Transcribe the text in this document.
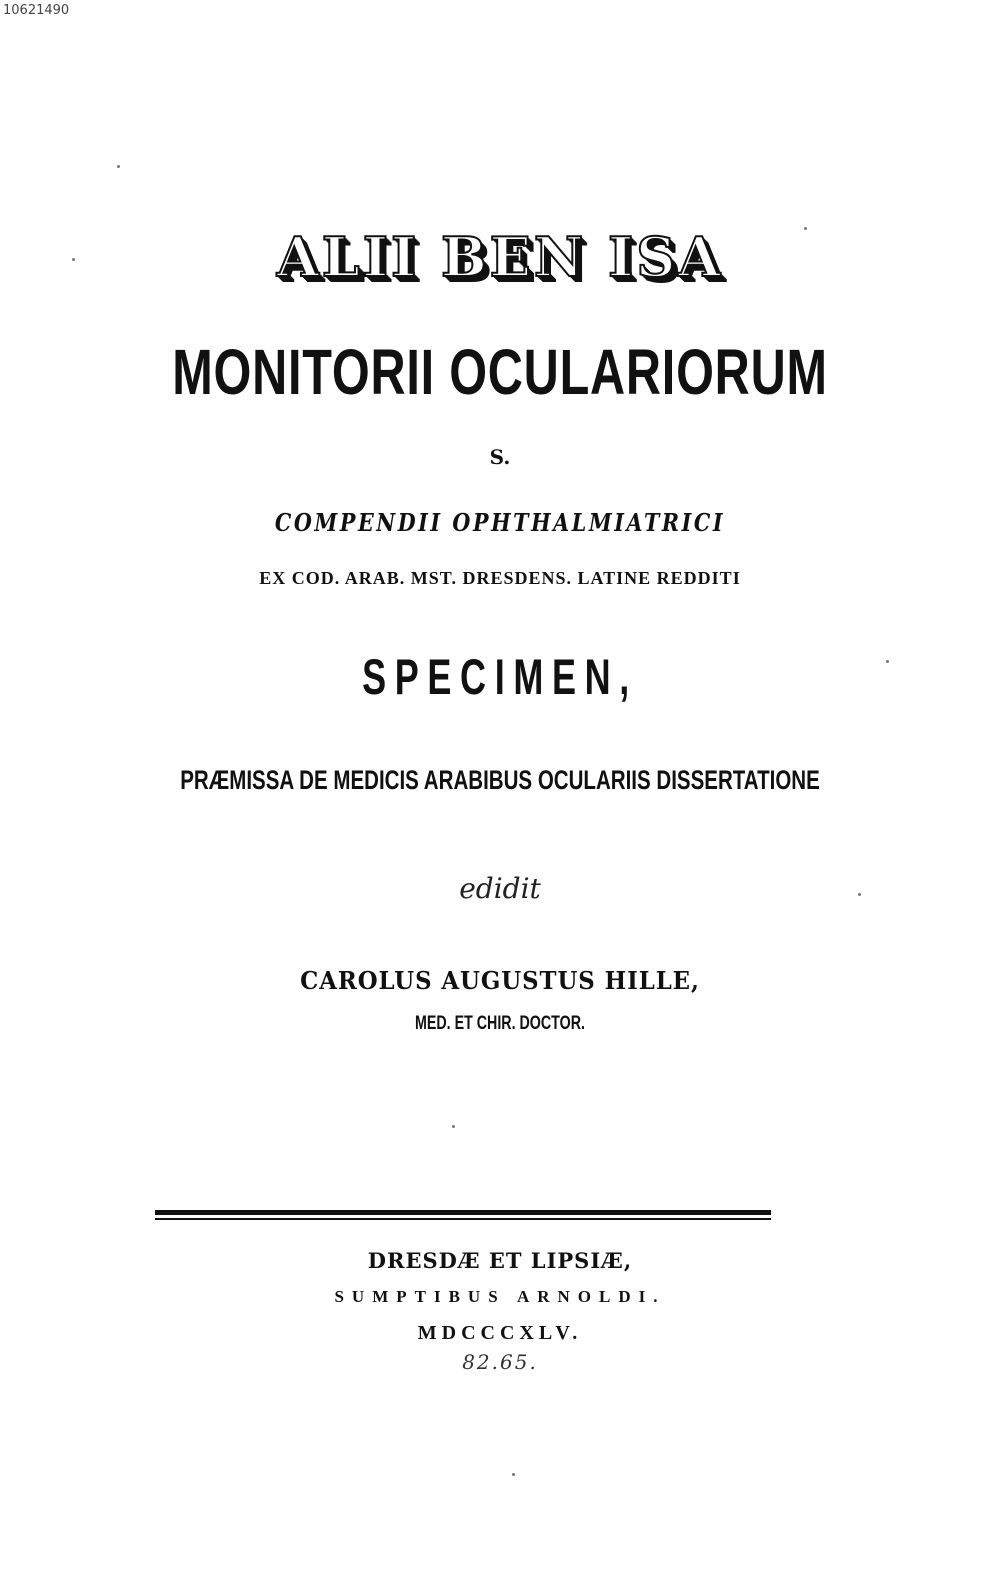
10621490
ALII BEN ISA
MONITORII OCULARIORUM
S.
COMPENDII OPHTHALMIATRICI
EX COD. ARAB. MST. DRESDENS. LATINE REDDITI
SPECIMEN,
PRÆMISSA DE MEDICIS ARABIBUS OCULARIIS DISSERTATIONE
edidit
CAROLUS AUGUSTUS HILLE,
MED. ET CHIR. DOCTOR.
DRESDÆ ET LIPSIÆ,
SUMPTIBUS ARNOLDI.
MDCCCXLV.
82.65.
